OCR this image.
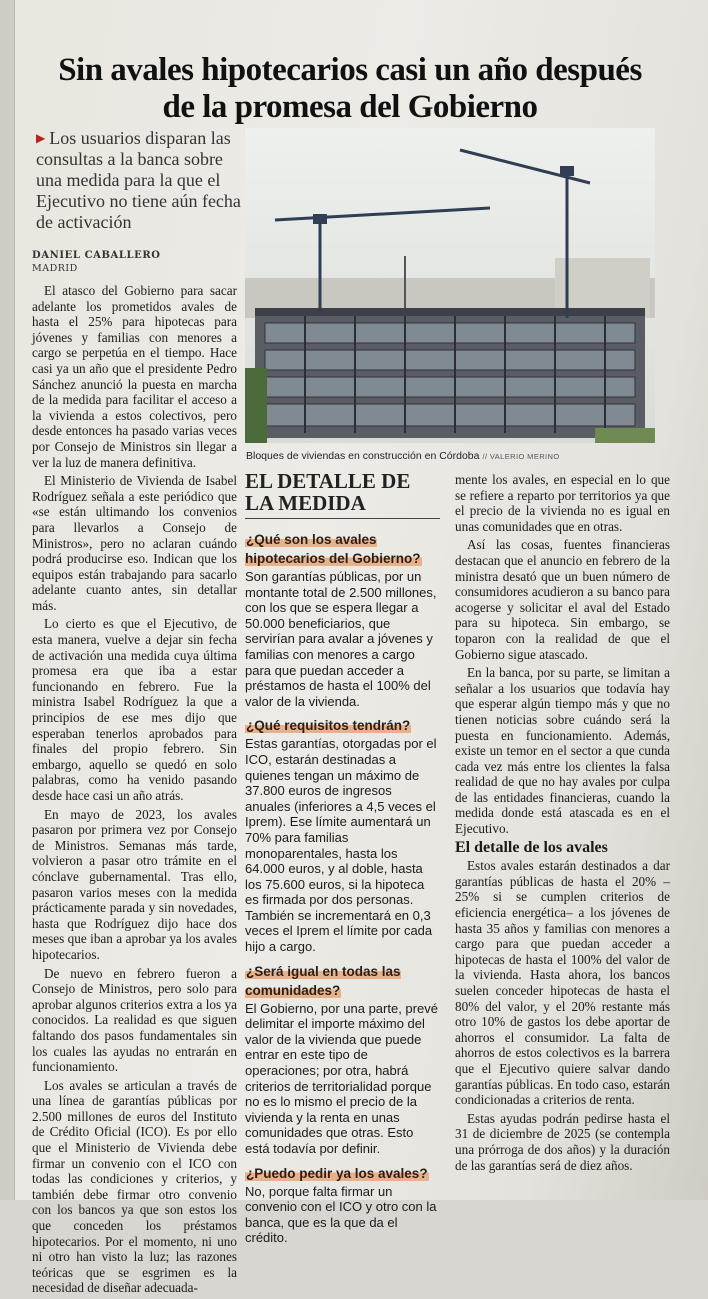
Sin avales hipotecarios casi un año después de la promesa del Gobierno
▶ Los usuarios disparan las consultas a la banca sobre una medida para la que el Ejecutivo no tiene aún fecha de activación
DANIEL CABALLERO
MADRID
Bloques de viviendas en construcción en Córdoba // VALERIO MERINO

El atasco del Gobierno para sacar adelante los prometidos avales de hasta el 25% para hipotecas para jóvenes y familias con menores a cargo se perpetúa en el tiempo. Hace casi ya un año que el presidente Pedro Sánchez anunció la puesta en marcha de la medida para facilitar el acceso a la vivienda a estos colectivos, pero desde entonces ha pasado varias veces por Consejo de Ministros sin llegar a ver la luz de manera definitiva.

El Ministerio de Vivienda de Isabel Rodríguez señala a este periódico que «se están ultimando los convenios para llevarlos a Consejo de Ministros», pero no aclaran cuándo podrá producirse eso. Indican que los equipos están trabajando para sacarlo adelante cuanto antes, sin detallar más.

Lo cierto es que el Ejecutivo, de esta manera, vuelve a dejar sin fecha de activación una medida cuya última promesa era que iba a estar funcionando en febrero. Fue la ministra Isabel Rodríguez la que a principios de ese mes dijo que esperaban tenerlos aprobados para finales del propio febrero. Sin embargo, aquello se quedó en solo palabras, como ha venido pasando desde hace casi un año atrás.

En mayo de 2023, los avales pasaron por primera vez por Consejo de Ministros. Semanas más tarde, volvieron a pasar otro trámite en el cónclave gubernamental. Tras ello, pasaron varios meses con la medida prácticamente parada y sin novedades, hasta que Rodríguez dijo hace dos meses que iban a aprobar ya los avales hipotecarios.

De nuevo en febrero fueron a Consejo de Ministros, pero solo para aprobar algunos criterios extra a los ya conocidos. La realidad es que siguen faltando dos pasos fundamentales sin los cuales las ayudas no entrarán en funcionamiento.

Los avales se articulan a través de una línea de garantías públicas por 2.500 millones de euros del Instituto de Crédito Oficial (ICO). Es por ello que el Ministerio de Vivienda debe firmar un convenio con el ICO con todas las condiciones y criterios, y también debe firmar otro convenio con los bancos ya que son estos los que conceden los préstamos hipotecarios. Por el momento, ni uno ni otro han visto la luz; las razones teóricas que se esgrimen es la necesidad de diseñar adecuada-

EL DETALLE DE LA MEDIDA
¿Qué son los avales hipotecarios del Gobierno?

Son garantías públicas, por un montante total de 2.500 millones, con los que se espera llegar a 50.000 beneficiarios, que servirían para avalar a jóvenes y familias con menores a cargo para que puedan acceder a préstamos de hasta el 100% del valor de la vivienda.

¿Qué requisitos tendrán?

Estas garantías, otorgadas por el ICO, estarán destinadas a quienes tengan un máximo de 37.800 euros de ingresos anuales (inferiores a 4,5 veces el Iprem). Ese límite aumentará un 70% para familias monoparentales, hasta los 64.000 euros, y al doble, hasta los 75.600 euros, si la hipoteca es firmada por dos personas. También se incrementará en 0,3 veces el Iprem el límite por cada hijo a cargo.

¿Será igual en todas las comunidades?

El Gobierno, por una parte, prevé delimitar el importe máximo del valor de la vivienda que puede entrar en este tipo de operaciones; por otra, habrá criterios de territorialidad porque no es lo mismo el precio de la vivienda y la renta en unas comunidades que otras. Esto está todavía por definir.

¿Puedo pedir ya los avales?

No, porque falta firmar un convenio con el ICO y otro con la banca, que es la que da el crédito.

mente los avales, en especial en lo que se refiere a reparto por territorios ya que el precio de la vivienda no es igual en unas comunidades que en otras.

Así las cosas, fuentes financieras destacan que el anuncio en febrero de la ministra desató que un buen número de consumidores acudieron a su banco para acogerse y solicitar el aval del Estado para su hipoteca. Sin embargo, se toparon con la realidad de que el Gobierno sigue atascado.

En la banca, por su parte, se limitan a señalar a los usuarios que todavía hay que esperar algún tiempo más y que no tienen noticias sobre cuándo será la puesta en funcionamiento. Además, existe un temor en el sector a que cunda cada vez más entre los clientes la falsa realidad de que no hay avales por culpa de las entidades financieras, cuando la medida donde está atascada es en el Ejecutivo.

El detalle de los avales

Estos avales estarán destinados a dar garantías públicas de hasta el 20% –25% si se cumplen criterios de eficiencia energética– a los jóvenes de hasta 35 años y familias con menores a cargo para que puedan acceder a hipotecas de hasta el 100% del valor de la vivienda. Hasta ahora, los bancos suelen conceder hipotecas de hasta el 80% del valor, y el 20% restante más otro 10% de gastos los debe aportar de ahorros el consumidor. La falta de ahorros de estos colectivos es la barrera que el Ejecutivo quiere salvar dando garantías públicas. En todo caso, estarán condicionadas a criterios de renta.

Estas ayudas podrán pedirse hasta el 31 de diciembre de 2025 (se contempla una prórroga de dos años) y la duración de las garantías será de diez años.
